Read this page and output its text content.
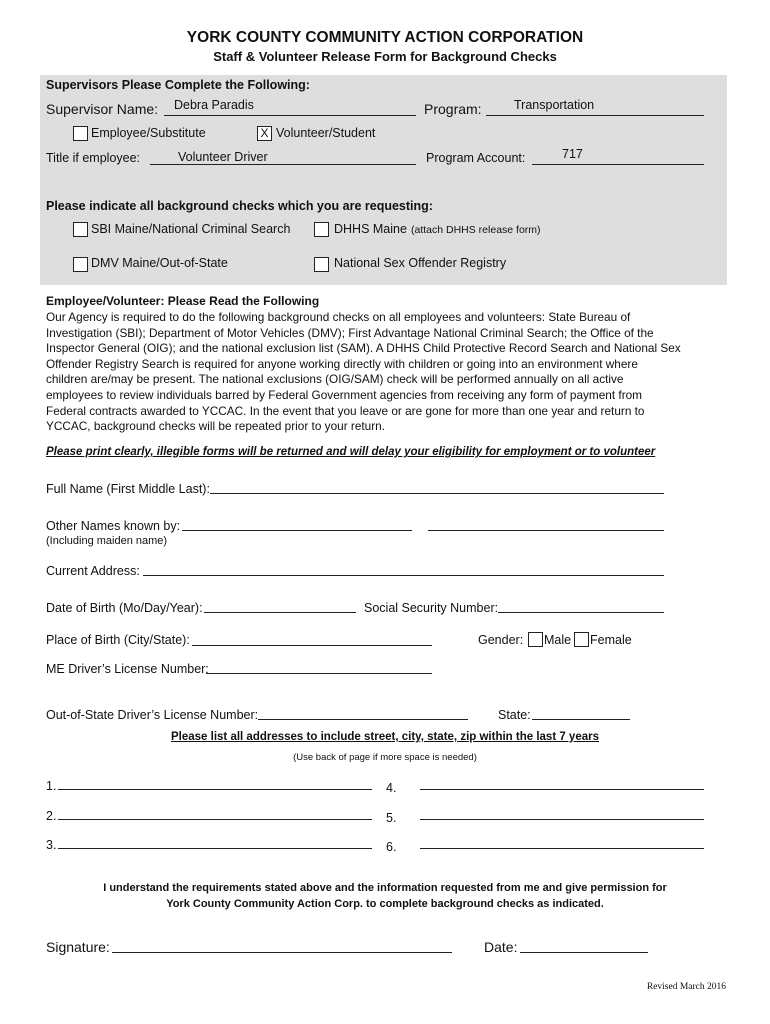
YORK COUNTY COMMUNITY ACTION CORPORATION
Staff & Volunteer Release Form for Background Checks
Supervisors Please Complete the Following:
Supervisor Name: Debra Paradis	Program:	Transportation
Employee/Substitute	X Volunteer/Student
Title if employee:	Volunteer Driver	Program Account:	717
Please indicate all background checks which you are requesting:
SBI Maine/National Criminal Search	DHHS Maine (attach DHHS release form)
DMV Maine/Out-of-State	National Sex Offender Registry
Employee/Volunteer: Please Read the Following
Our Agency is required to do the following background checks on all employees and volunteers: State Bureau of
Investigation (SBI); Department of Motor Vehicles (DMV); First Advantage National Criminal Search; the Office of the
Inspector General (OIG); and the national exclusion list (SAM). A DHHS Child Protective Record Search and National Sex
Offender Registry Search is required for anyone working directly with children or going into an environment where
children are/may be present. The national exclusions (OIG/SAM) check will be performed annually on all active
employees to review individuals barred by Federal Government agencies from receiving any form of payment from
Federal contracts awarded to YCCAC. In the event that you leave or are gone for more than one year and return to
YCCAC, background checks will be repeated prior to your return.
Please print clearly, illegible forms will be returned and will delay your eligibility for employment or to volunteer
Full Name (First Middle Last):
Other Names known by:
(Including maiden name)
Current Address:
Date of Birth (Mo/Day/Year):	Social Security Number:
Place of Birth (City/State):	Gender: Male Female
ME Driver’s License Number:
Out-of-State Driver’s License Number:	State:
Please list all addresses to include street, city, state, zip within the last 7 years
(Use back of page if more space is needed)
1.	4.
2.	5.
3.	6.
I understand the requirements stated above and the information requested from me and give permission for
York County Community Action Corp. to complete background checks as indicated.
Signature:	Date:
Revised March 2016
